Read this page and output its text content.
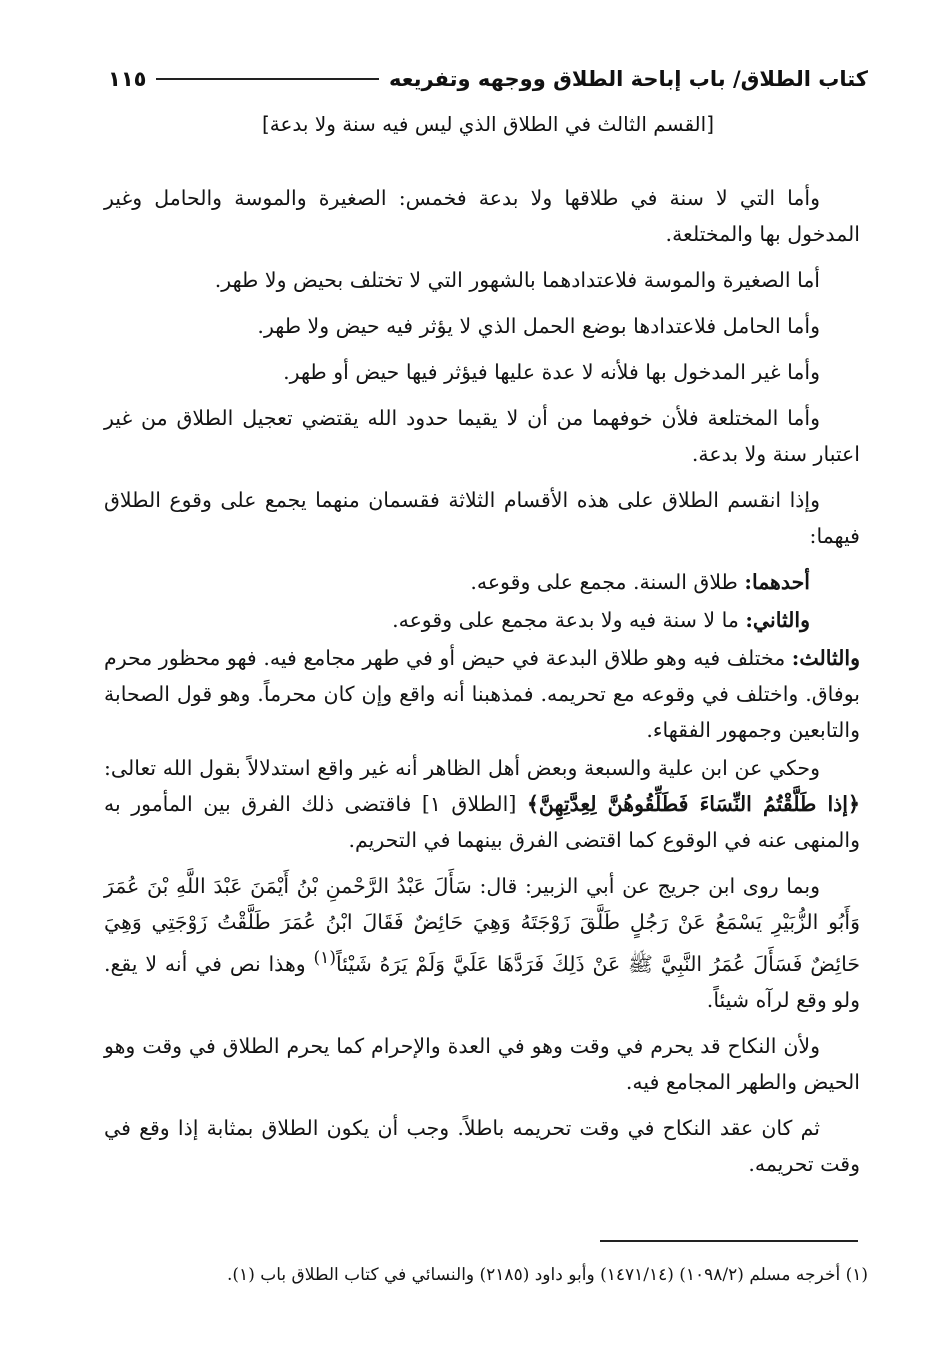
كتاب الطلاق/ باب إباحة الطلاق ووجهه وتفريعه
١١٥
[القسم الثالث في الطلاق الذي ليس فيه سنة ولا بدعة]

وأما التي لا سنة في طلاقها ولا بدعة فخمس: الصغيرة والموسة والحامل وغير المدخول بها والمختلعة.

أما الصغيرة والموسة فلاعتدادهما بالشهور التي لا تختلف بحيض ولا طهر.

وأما الحامل فلاعتدادها بوضع الحمل الذي لا يؤثر فيه حيض ولا طهر.

وأما غير المدخول بها فلأنه لا عدة عليها فيؤثر فيها حيض أو طهر.

وأما المختلعة فلأن خوفهما من أن لا يقيما حدود الله يقتضي تعجيل الطلاق من غير اعتبار سنة ولا بدعة.

وإذا انقسم الطلاق على هذه الأقسام الثلاثة فقسمان منهما يجمع على وقوع الطلاق فيهما:

أحدهما: طلاق السنة. مجمع على وقوعه.

والثاني: ما لا سنة فيه ولا بدعة مجمع على وقوعه.

والثالث: مختلف فيه وهو طلاق البدعة في حيض أو في طهر مجامع فيه. فهو محظور محرم بوفاق. واختلف في وقوعه مع تحريمه. فمذهبنا أنه واقع وإن كان محرماً. وهو قول الصحابة والتابعين وجمهور الفقهاء.

وحكي عن ابن علية والسبعة وبعض أهل الظاهر أنه غير واقع استدلالاً بقول الله تعالى: ﴿إذا طَلَّقْتُمُ النِّسَاءَ فَطَلِّقُوهُنَّ لِعِدَّتِهِنَّ﴾ [الطلاق ١] فاقتضى ذلك الفرق بين المأمور به والمنهى عنه في الوقوع كما اقتضى الفرق بينهما في التحريم.

وبما روى ابن جريج عن أبي الزبير: قال: سَأَلَ عَبْدُ الرَّحْمنِ بْنُ أَيْمَنَ عَبْدَ اللَّهِ بْنَ عُمَرَ وَأَبُو الزُّبَيْرِ يَسْمَعُ عَنْ رَجُلٍ طَلَّقَ زَوْجَتَهُ وَهِيَ حَائِضٌ فَقَالَ ابْنُ عُمَرَ طَلَّقْتُ زَوْجَتِي وَهِيَ حَائِضٌ فَسَأَلَ عُمَرُ النَّبِيَّ ﷺ عَنْ ذَلِكَ فَرَدَّهَا عَلَيَّ وَلَمْ يَرَهُ شَيْئاً$^{(١)}$ وهذا نص في أنه لا يقع. ولو وقع لرآه شيئاً.

ولأن النكاح قد يحرم في وقت وهو في العدة والإحرام كما يحرم الطلاق في وقت وهو الحيض والطهر المجامع فيه.

ثم كان عقد النكاح في وقت تحريمه باطلاً. وجب أن يكون الطلاق بمثابة إذا وقع في وقت تحريمه.

(١) أخرجه مسلم (١٠٩٨/٢) (١٤٧١/١٤) وأبو داود (٢١٨٥) والنسائي في كتاب الطلاق باب (١).
